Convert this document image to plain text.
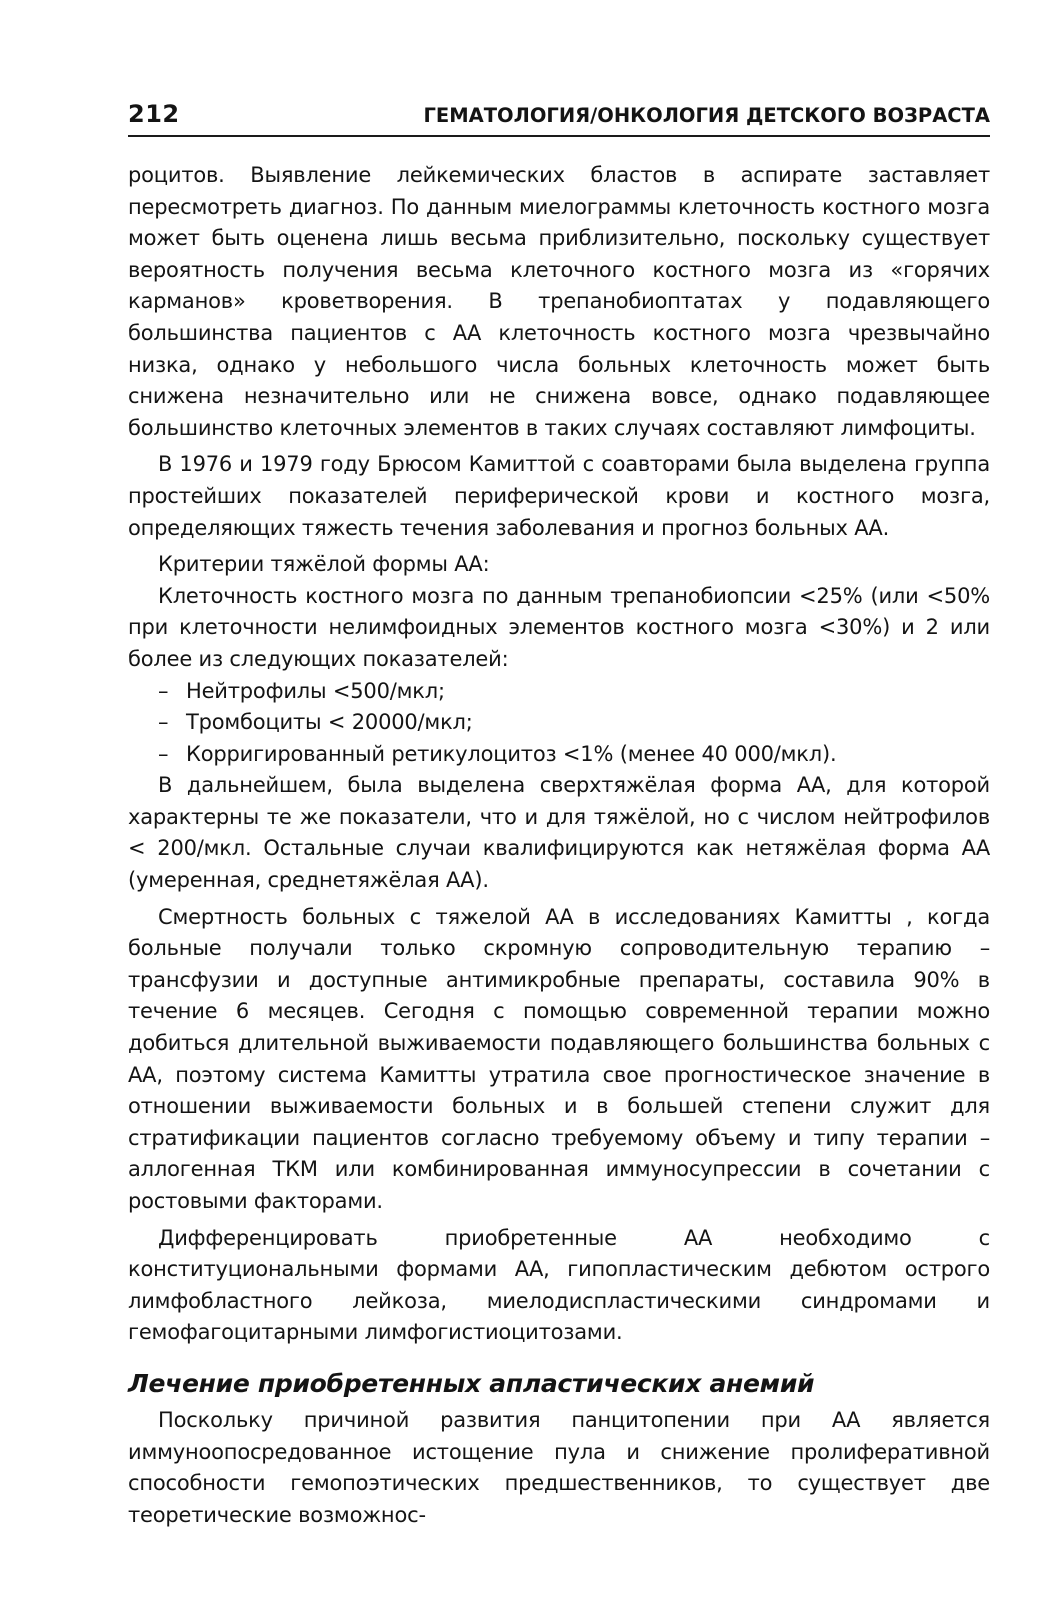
212	ГЕМАТОЛОГИЯ/ОНКОЛОГИЯ ДЕТСКОГО ВОЗРАСТА

роцитов. Выявление лейкемических бластов в аспирате заставляет пересмотреть диагноз. По данным миелограммы клеточность костного мозга может быть оценена лишь весьма приблизительно, поскольку существует вероятность получения весьма клеточного костного мозга из «горячих карманов» кроветворения. В трепанобиоптатах у подавляющего большинства пациентов с АА клеточность костного мозга чрезвычайно низка, однако у небольшого числа больных клеточность может быть снижена незначительно или не снижена вовсе, однако подавляющее большинство клеточных элементов в таких случаях составляют лимфоциты.

В 1976 и 1979 году Брюсом Камиттой с соавторами была выделена группа простейших показателей периферической крови и костного мозга, определяющих тяжесть течения заболевания и прогноз больных АА.

Критерии тяжёлой формы АА:

Клеточность костного мозга по данным трепанобиопсии <25% (или <50% при клеточности нелимфоидных элементов костного мозга <30%) и 2 или более из следующих показателей:

– Нейтрофилы <500/мкл;
– Тромбоциты < 20000/мкл;
– Корригированный ретикулоцитоз <1% (менее 40 000/мкл).

В дальнейшем, была выделена сверхтяжёлая форма АА, для которой характерны те же показатели, что и для тяжёлой, но с числом нейтрофилов < 200/мкл. Остальные случаи квалифицируются как нетяжёлая форма АА (умеренная, среднетяжёлая АА).

Смертность больных с тяжелой АА в исследованиях Камитты , когда больные получали только скромную сопроводительную терапию – трансфузии и доступные антимикробные препараты, составила 90% в течение 6 месяцев. Сегодня с помощью современной терапии можно добиться длительной выживаемости подавляющего большинства больных с АА, поэтому система Камитты утратила свое прогностическое значение в отношении выживаемости больных и в большей степени служит для стратификации пациентов согласно требуемому объему и типу терапии – аллогенная ТКМ или комбинированная иммуносупрессии в сочетании с ростовыми факторами.

Дифференцировать приобретенные АА необходимо с конституциональными формами АА, гипопластическим дебютом острого лимфобластного лейкоза, миелодиспластическими синдромами и гемофагоцитарными лимфогистиоцитозами.

Лечение приобретенных апластических анемий

Поскольку причиной развития панцитопении при АА является иммуноопосредованное истощение пула и снижение пролиферативной способности гемопоэтических предшественников, то существует две теоретические возможнос-
